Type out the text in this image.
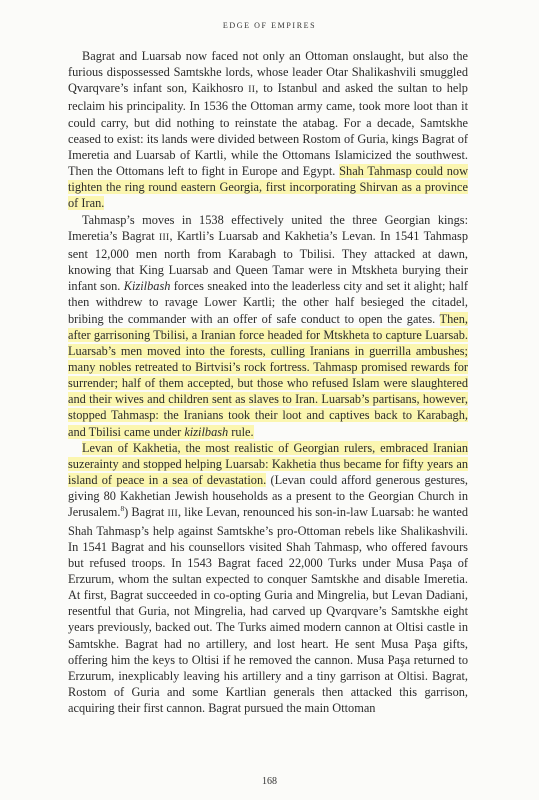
EDGE OF EMPIRES

Bagrat and Luarsab now faced not only an Ottoman onslaught, but also the furious dispossessed Samtskhe lords, whose leader Otar Shalikashvili smuggled Qvarqvare’s infant son, Kaikhosro II, to Istanbul and asked the sultan to help reclaim his principality. In 1536 the Ottoman army came, took more loot than it could carry, but did nothing to reinstate the atabag. For a decade, Samtskhe ceased to exist: its lands were divided between Rostom of Guria, kings Bagrat of Imeretia and Luarsab of Kartli, while the Ottomans Islamicized the southwest. Then the Ottomans left to fight in Europe and Egypt. Shah Tahmasp could now tighten the ring round eastern Georgia, first incorporating Shirvan as a province of Iran.

Tahmasp’s moves in 1538 effectively united the three Georgian kings: Imeretia’s Bagrat III, Kartli’s Luarsab and Kakhetia’s Levan. In 1541 Tahmasp sent 12,000 men north from Karabagh to Tbilisi. They attacked at dawn, knowing that King Luarsab and Queen Tamar were in Mtskheta burying their infant son. Kizilbash forces sneaked into the leaderless city and set it alight; half then withdrew to ravage Lower Kartli; the other half besieged the citadel, bribing the commander with an offer of safe conduct to open the gates. Then, after garrisoning Tbilisi, a Iranian force headed for Mtskheta to capture Luarsab. Luarsab’s men moved into the forests, culling Iranians in guerrilla ambushes; many nobles retreated to Birtvisi’s rock fortress. Tahmasp promised rewards for surrender; half of them accepted, but those who refused Islam were slaughtered and their wives and children sent as slaves to Iran. Luarsab’s partisans, however, stopped Tahmasp: the Iranians took their loot and captives back to Karabagh, and Tbilisi came under kizilbash rule.

Levan of Kakhetia, the most realistic of Georgian rulers, embraced Iranian suzerainty and stopped helping Luarsab: Kakhetia thus became for fifty years an island of peace in a sea of devastation. (Levan could afford generous gestures, giving 80 Kakhetian Jewish households as a present to the Georgian Church in Jerusalem.$^8$) Bagrat III, like Levan, renounced his son-in-law Luarsab: he wanted Shah Tahmasp’s help against Samtskhe’s pro-Ottoman rebels like Shalikashvili. In 1541 Bagrat and his counsellors visited Shah Tahmasp, who offered favours but refused troops. In 1543 Bagrat faced 22,000 Turks under Musa Paşa of Erzurum, whom the sultan expected to conquer Samtskhe and disable Imeretia. At first, Bagrat succeeded in co-opting Guria and Mingrelia, but Levan Dadiani, resentful that Guria, not Mingrelia, had carved up Qvarqvare’s Samtskhe eight years previously, backed out. The Turks aimed modern cannon at Oltisi castle in Samtskhe. Bagrat had no artillery, and lost heart. He sent Musa Paşa gifts, offering him the keys to Oltisi if he removed the cannon. Musa Paşa returned to Erzurum, inexplicably leaving his artillery and a tiny garrison at Oltisi. Bagrat, Rostom of Guria and some Kartlian generals then attacked this garrison, acquiring their first cannon. Bagrat pursued the main Ottoman

168
